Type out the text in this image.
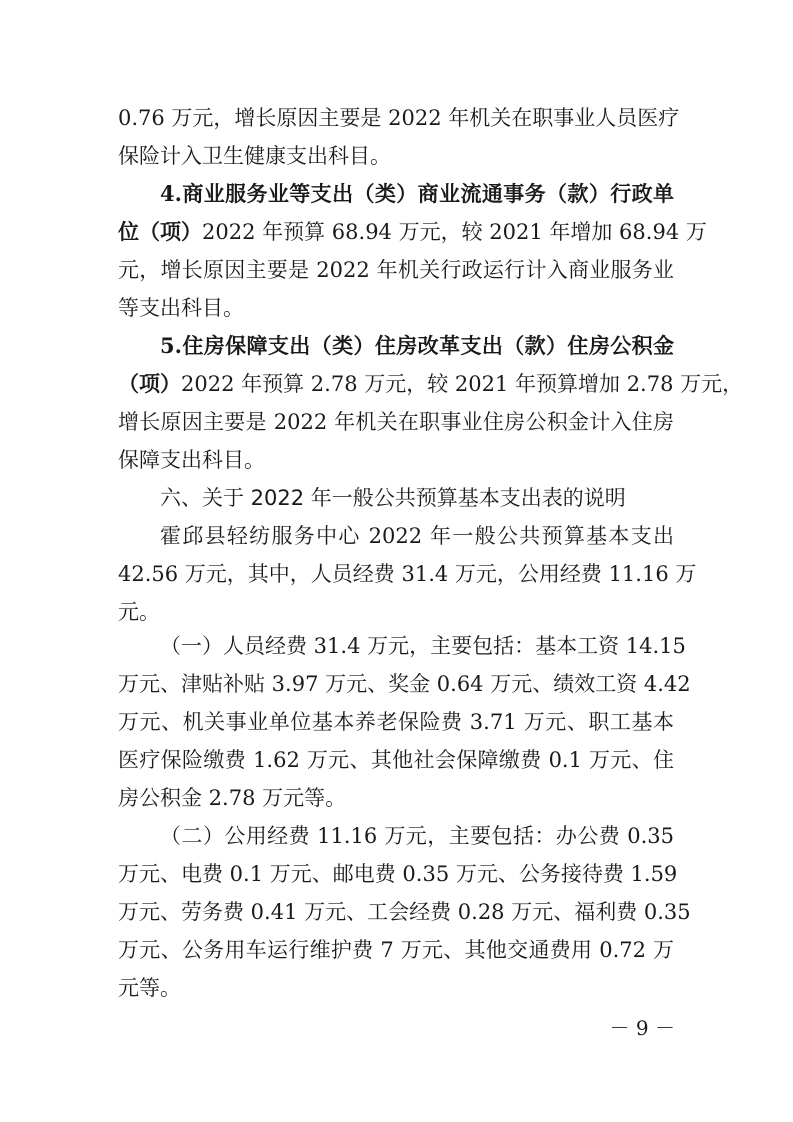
0.76 万元，增长原因主要是 2022 年机关在职事业人员医疗
保险计入卫生健康支出科目。
4.商业服务业等支出（类）商业流通事务（款）行政单
位（项）2022 年预算 68.94 万元，较 2021 年增加 68.94 万
元，增长原因主要是 2022 年机关行政运行计入商业服务业
等支出科目。
5.住房保障支出（类）住房改革支出（款）住房公积金
（项）2022 年预算 2.78 万元，较 2021 年预算增加 2.78 万元，
增长原因主要是 2022 年机关在职事业住房公积金计入住房
保障支出科目。
六、关于 2022 年一般公共预算基本支出表的说明
霍邱县轻纺服务中心 2022 年一般公共预算基本支出
42.56 万元，其中，人员经费 31.4 万元，公用经费 11.16 万
元。
（一）人员经费 31.4 万元，主要包括：基本工资 14.15
万元、津贴补贴 3.97 万元、奖金 0.64 万元、绩效工资 4.42
万元、机关事业单位基本养老保险费 3.71 万元、职工基本
医疗保险缴费 1.62 万元、其他社会保障缴费 0.1 万元、住
房公积金 2.78 万元等。
（二）公用经费 11.16 万元，主要包括：办公费 0.35
万元、电费 0.1 万元、邮电费 0.35 万元、公务接待费 1.59
万元、劳务费 0.41 万元、工会经费 0.28 万元、福利费 0.35
万元、公务用车运行维护费 7 万元、其他交通费用 0.72 万
元等。
－ 9 －
